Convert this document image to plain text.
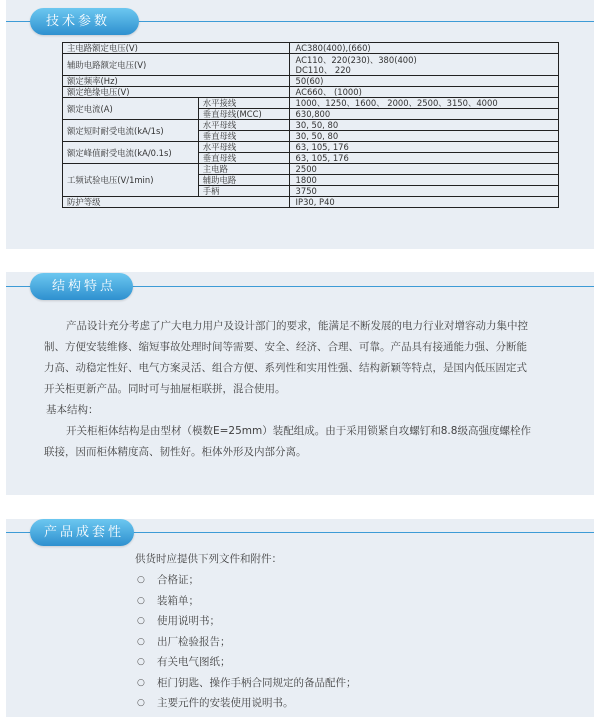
技术参数
主电路额定电压(V)		AC380(400),(660)
辅助电路额定电压(V)		AC110、220(230)、380(400)
DC110、 220

额定频率(Hz)		50(60)
额定绝缘电压(V)		AC660、 (1000)
额定电流(A)	水平接线	1000、1250、1600、 2000、2500、3150、4000
	垂直母线(MCC)	630,800
额定短时耐受电流(kA/1s)	水平母线	30, 50, 80
	垂直母线	30, 50, 80
额定峰值耐受电流(kA/0.1s)	水平母线	63, 105, 176
	垂直母线	63, 105, 176
工频试验电压(V/1min)	主电路	2500
	辅助电路	1800
	手柄	3750
防护等级		IP30, P40
结构特点
产品设计充分考虑了广大电力用户及设计部门的要求，能满足不断发展的电力行业对增容动力集中控
制、方便安装维修、缩短事故处理时间等需要、安全、经济、合理、可靠。产品具有接通能力强、分断能
力高、动稳定性好、电气方案灵活、组合方便、系列性和实用性强、结构新颖等特点，是国内低压固定式
开关柜更新产品。同时可与抽屉柜联拼，混合使用。
基本结构：
开关柜柜体结构是由型材（模数E=25mm）装配组成。由于采用锁紧自攻螺钉和8.8级高强度螺栓作
联接，因而柜体精度高、韧性好。柜体外形及内部分离。
产品成套性
供货时应提供下列文件和附件：
○ 合格证；
○ 装箱单；
○ 使用说明书；
○ 出厂检验报告；
○ 有关电气图纸；
○ 柜门钥匙、操作手柄合同规定的备品配件；
○ 主要元件的安装使用说明书。
